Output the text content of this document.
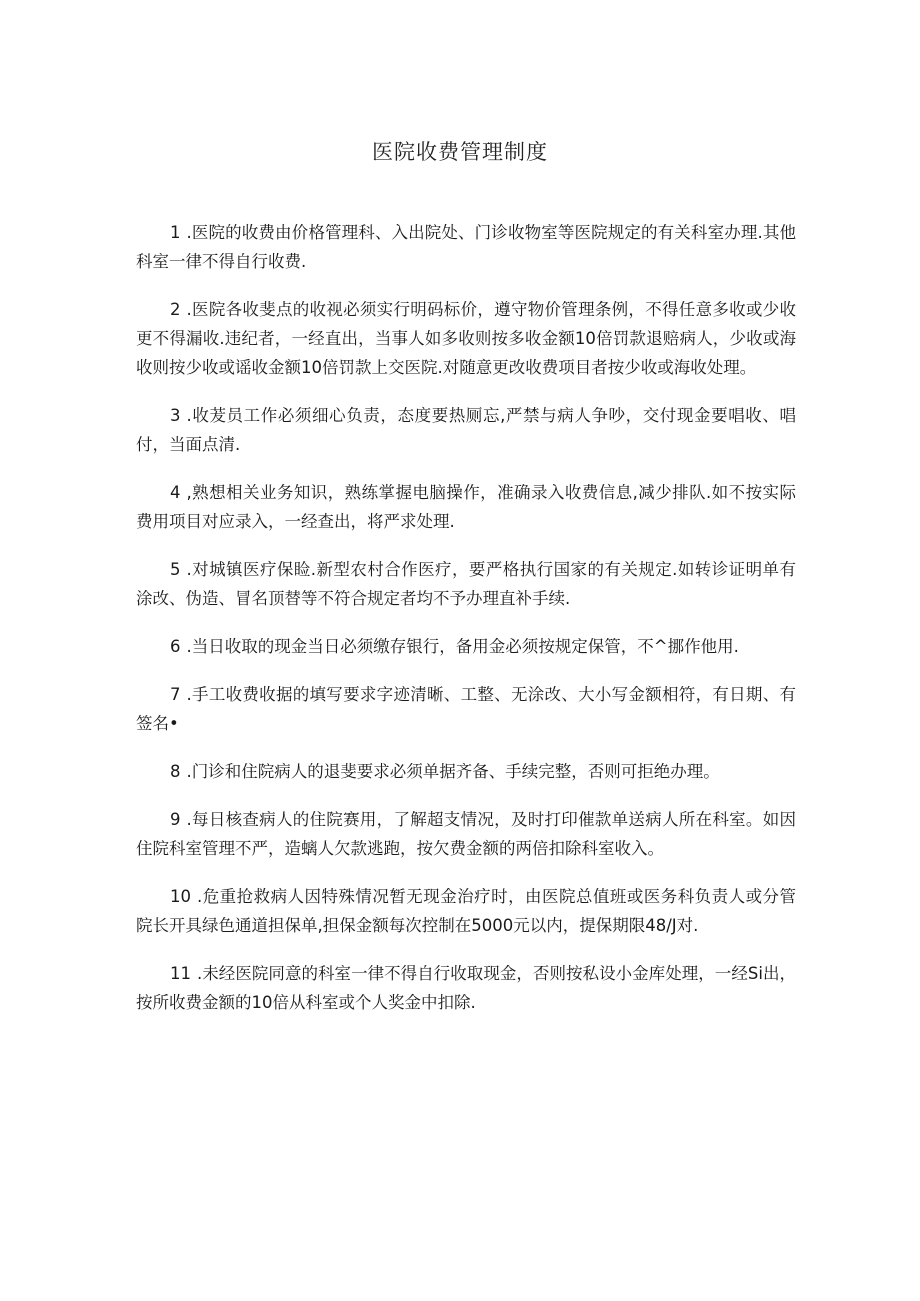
医院收费管理制度
1 .医院的收费由价格管理科、入出院处、门诊收物室等医院规定的有关科室办理.其他科室一律不得自行收费.
2 .医院各收斐点的收视必须实行明码标价，遵守物价管理条例，不得任意多收或少收更不得漏收.违纪者，一经直出，当事人如多收则按多收金额10倍罚款退赔病人，少收或海收则按少收或谣收金额10倍罚款上交医院.对随意更改收费项目者按少收或海收处理。
3 .收茇员工作必须细心负责，态度要热厕忘,严禁与病人争吵，交付现金要唱收、唱付，当面点清.
4 ,熟想相关业务知识，熟练掌握电脑操作，准确录入收费信息,减少排队.如不按实际费用项目对应录入，一经查出，将严求处理.
5 .对城镇医疗保睑.新型农村合作医疗，要严格执行国家的有关规定.如转诊证明单有涂改、伪造、冒名顶替等不符合规定者均不予办理直补手续.
6 .当日收取的现金当日必须缴存银行，备用金必须按规定保管，不^挪作他用.
7 .手工收费收据的填写要求字迹清晰、工整、无涂改、大小写金额相符，有日期、有签名•
8 .门诊和住院病人的退斐要求必须单据齐备、手续完整，否则可拒绝办理。
9 .每日核查病人的住院赛用，了解超支情况，及时打印催款单送病人所在科室。如因住院科室管理不严，造螭人欠款逃跑，按欠费金额的两倍扣除科室收入。
10 .危重抢救病人因特殊情况暂无现金治疗时，由医院总值班或医务科负责人或分管院长开具绿色通道担保单,担保金额每次控制在5000元以内，提保期限48/J对.
11 .未经医院同意的科室一律不得自行收取现金，否则按私设小金库处理，一经Si出，按所收费金额的10倍从科室或个人奖金中扣除.
